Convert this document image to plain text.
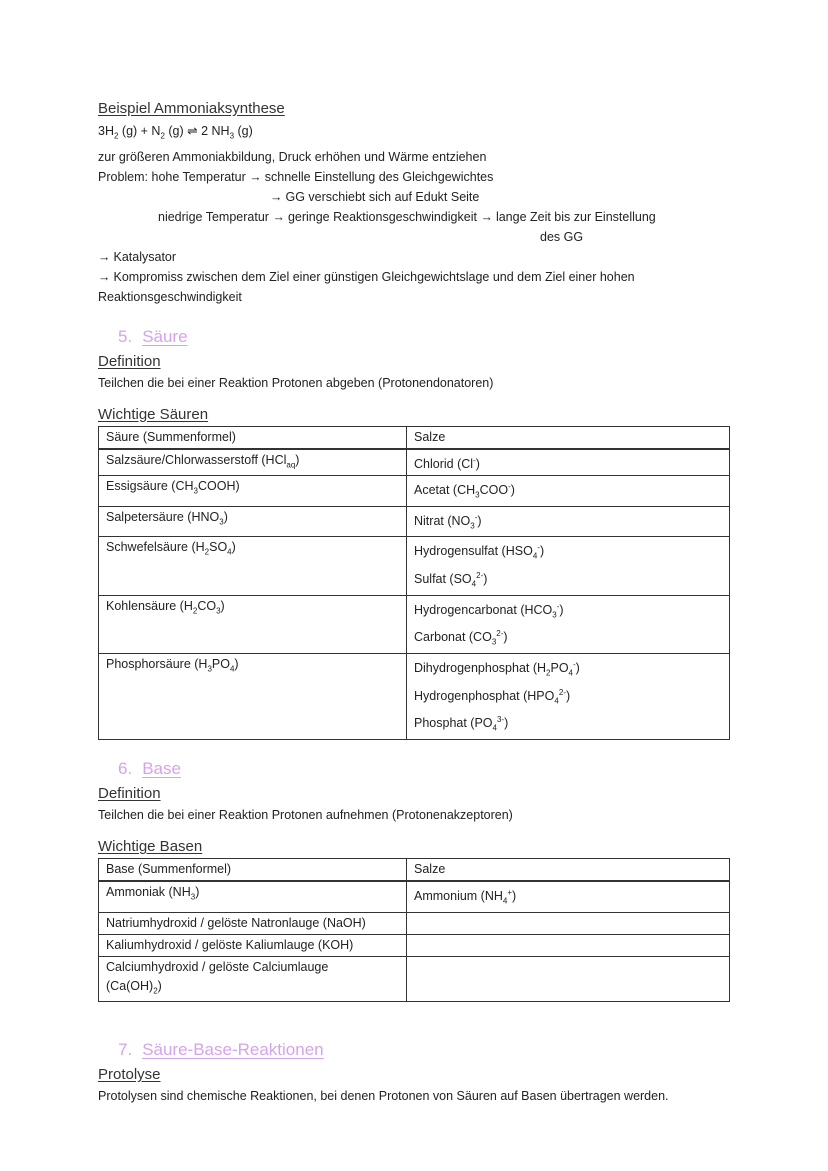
Beispiel Ammoniaksynthese

$3H_2$ $(g) + N_2$ (g) ⇌ 2 $NH_3$ (g)

zur größeren Ammoniakbildung, Druck erhöhen und Wärme entziehen

Problem: hohe Temperatur → schnelle Einstellung des Gleichgewichtes

→ GG verschiebt sich auf Edukt Seite

niedrige Temperatur → geringe Reaktionsgeschwindigkeit → lange Zeit bis zur Einstellung

des GG

→ Katalysator

→ Kompromiss zwischen dem Ziel einer günstigen Gleichgewichtslage und dem Ziel einer hohen Reaktionsgeschwindigkeit

5. Säure

Definition

Teilchen die bei einer Reaktion Protonen abgeben (Protonendonatoren)

Wichtige Säuren

Säure (Summenformel)	Salze
Salzsäure/Chlorwasserstoff (HCl$_{aq}$)	Chlorid (Cl-)
Essigsäure $(CH_3COOH)$	Acetat $(CH_3COO^-)$
Salpetersäure $(HNO_3)$	Nitrat $(NO_3^-)$
Schwefelsäure $(H_2SO_4)$	Hydrogensulfat $(HSO_4^-)$
Sulfat $(SO_4^{2-})$

Kohlensäure $(H_2CO_3)$	Hydrogencarbonat $(HCO_3^-)$
Carbonat $(CO_3^{2-})$

Phosphorsäure $(H_3PO_4)$	Dihydrogenphosphat $(H_2PO_4^-)$
Hydrogenphosphat $(HPO_4^{2-})$
Phosphat $(PO_4^{3-})$

6. Base

Definition

Teilchen die bei einer Reaktion Protonen aufnehmen (Protonenakzeptoren)

Wichtige Basen

Base (Summenformel)	Salze
Ammoniak $(NH_3)$	Ammonium $(NH_4^+)$
Natriumhydroxid / gelöste Natronlauge (NaOH)	
Kaliumhydroxid / gelöste Kaliumlauge (KOH)	

Calciumhydroxid / gelöste Calciumlauge
$(Ca(OH)_2)$	

7. Säure-Base-Reaktionen

Protolyse

Protolysen sind chemische Reaktionen, bei denen Protonen von Säuren auf Basen übertragen werden.
